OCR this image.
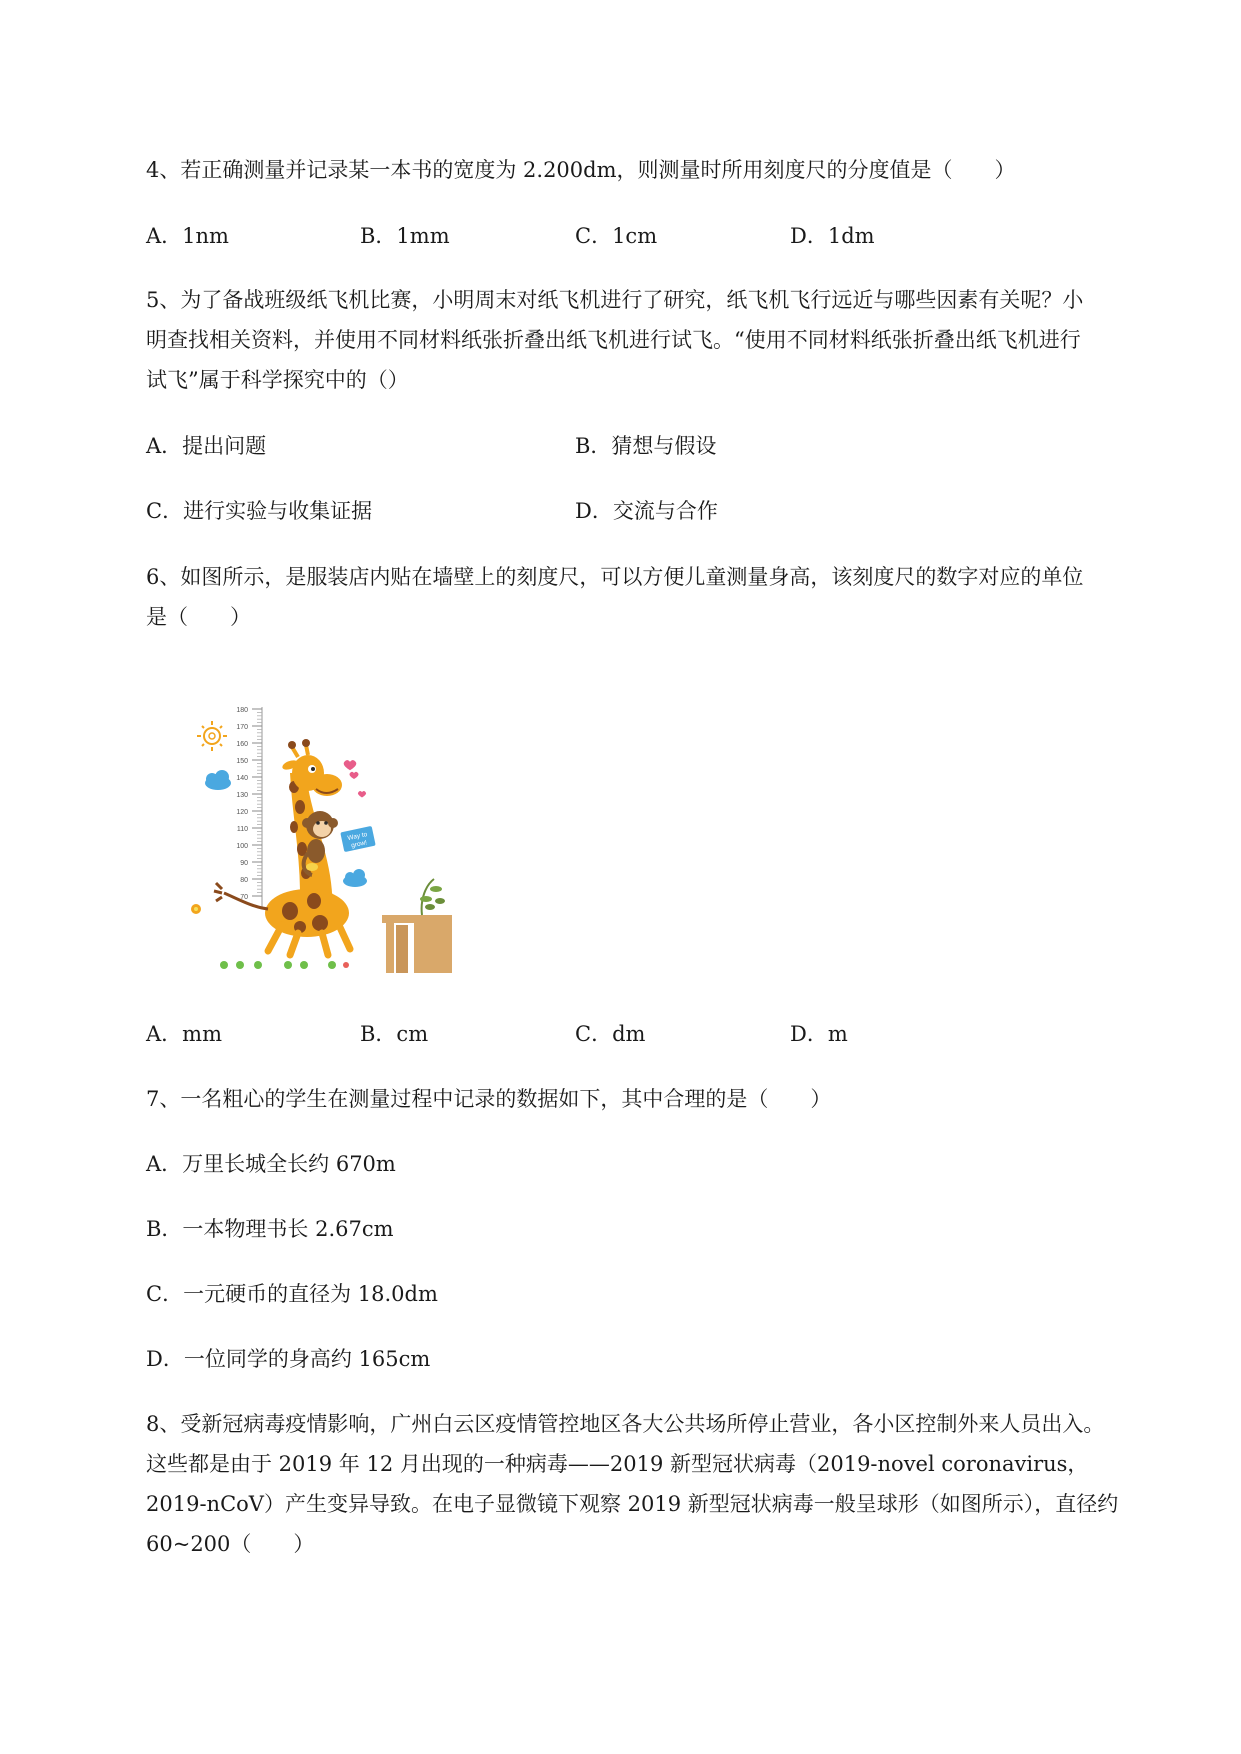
4、若正确测量并记录某一本书的宽度为 2.200dm，则测量时所用刻度尺的分度值是（　　）
A．1nm	B．1mm	C．1cm	D．1dm
5、为了备战班级纸飞机比赛，小明周末对纸飞机进行了研究，纸飞机飞行远近与哪些因素有关呢？小
明查找相关资料，并使用不同材料纸张折叠出纸飞机进行试飞。“使用不同材料纸张折叠出纸飞机进行
试飞”属于科学探究中的（）
A．提出问题	B．猜想与假设
C．进行实验与收集证据	D．交流与合作
6、如图所示，是服装店内贴在墙壁上的刻度尺，可以方便儿童测量身高，该刻度尺的数字对应的单位
是（　　）
180
170
160
150
140
130
120
110
100
90
80
70
Way to
grow!
A．mm	B．cm	C．dm	D．m
7、一名粗心的学生在测量过程中记录的数据如下，其中合理的是（　　）
A．万里长城全长约 670m
B．一本物理书长 2.67cm
C．一元硬币的直径为 18.0dm
D．一位同学的身高约 165cm
8、受新冠病毒疫情影响，广州白云区疫情管控地区各大公共场所停止营业，各小区控制外来人员出入。
这些都是由于 2019 年 12 月出现的一种病毒——2019 新型冠状病毒（2019-novel coronavirus，
2019-nCoV）产生变异导致。在电子显微镜下观察 2019 新型冠状病毒一般呈球形（如图所示），直径约
60~200（　　）
